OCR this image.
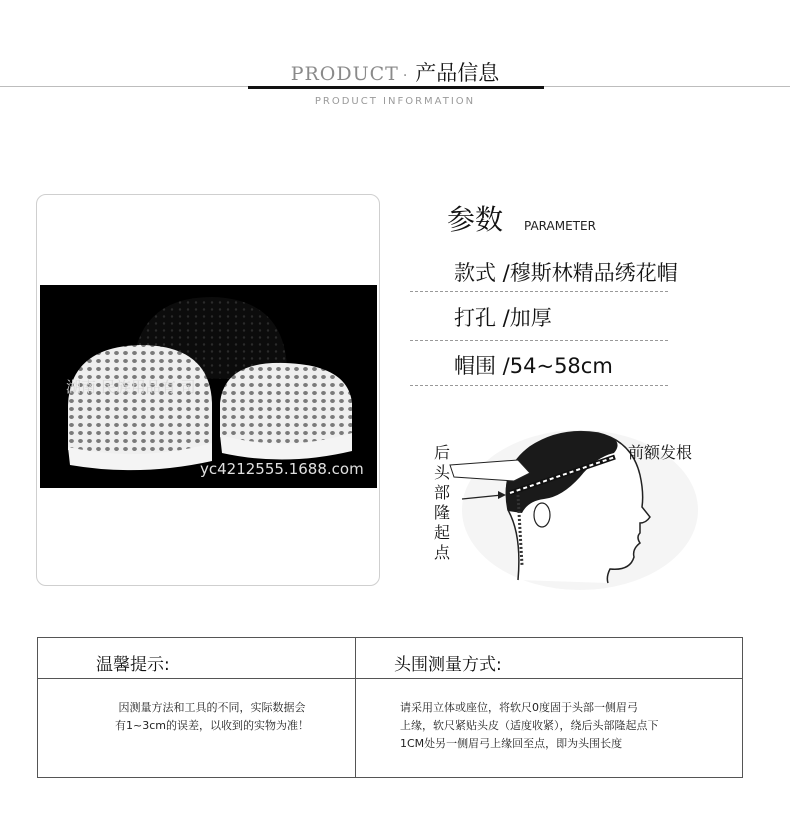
PRODUCT · 产品信息
PRODUCT INFORMATION
湖南 民族用品有 司
yc4212555.1688.com
参数 PARAMETER
款式 /穆斯林精品绣花帽
打孔 /加厚
帽围 /54~58cm
后头部隆起点
前额发根
温馨提示:	头围测量方式:
因测量方法和工具的不同，实际数据会
有1~3cm的误差，以收到的实物为准！
请采用立体或座位，将软尺0度固于头部一侧眉弓
上缘，软尺紧贴头皮（适度收紧），绕后头部隆起点下
1CM处另一侧眉弓上缘回至点，即为头围长度
